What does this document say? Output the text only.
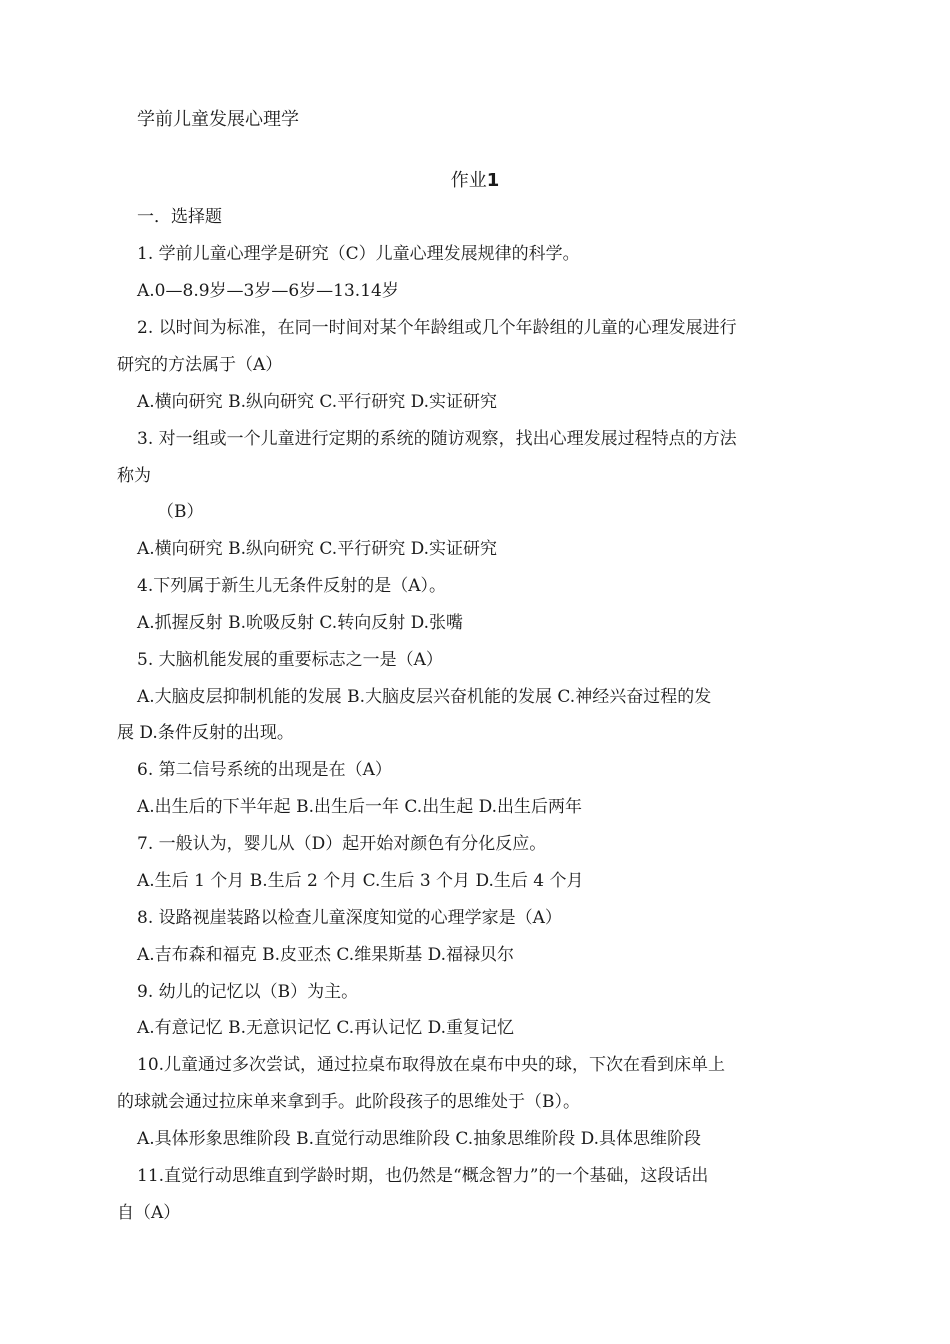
学前儿童发展心理学
作业1
一．选择题
1. 学前儿童心理学是研究（C）儿童心理发展规律的科学。
A.0—8.9岁—3岁—6岁—13.14岁
2. 以时间为标准，在同一时间对某个年龄组或几个年龄组的儿童的心理发展进行
研究的方法属于（A）
A.横向研究 B.纵向研究 C.平行研究 D.实证研究
3. 对一组或一个儿童进行定期的系统的随访观察，找出心理发展过程特点的方法
称为
（B）
A.横向研究 B.纵向研究 C.平行研究 D.实证研究
4.下列属于新生儿无条件反射的是（A）。
A.抓握反射 B.吮吸反射 C.转向反射 D.张嘴
5. 大脑机能发展的重要标志之一是（A）
A.大脑皮层抑制机能的发展 B.大脑皮层兴奋机能的发展 C.神经兴奋过程的发
展 D.条件反射的出现。
6. 第二信号系统的出现是在（A）
A.出生后的下半年起 B.出生后一年 C.出生起 D.出生后两年
7. 一般认为，婴儿从（D）起开始对颜色有分化反应。
A.生后 1 个月 B.生后 2 个月 C.生后 3 个月 D.生后 4 个月
8. 设路视崖装路以检查儿童深度知觉的心理学家是（A）
A.吉布森和福克 B.皮亚杰 C.维果斯基 D.福禄贝尔
9. 幼儿的记忆以（B）为主。
A.有意记忆 B.无意识记忆 C.再认记忆 D.重复记忆
10.儿童通过多次尝试，通过拉桌布取得放在桌布中央的球，下次在看到床单上
的球就会通过拉床单来拿到手。此阶段孩子的思维处于（B）。
A.具体形象思维阶段 B.直觉行动思维阶段 C.抽象思维阶段 D.具体思维阶段
11.直觉行动思维直到学龄时期，也仍然是“概念智力”的一个基础，这段话出
自（A）
